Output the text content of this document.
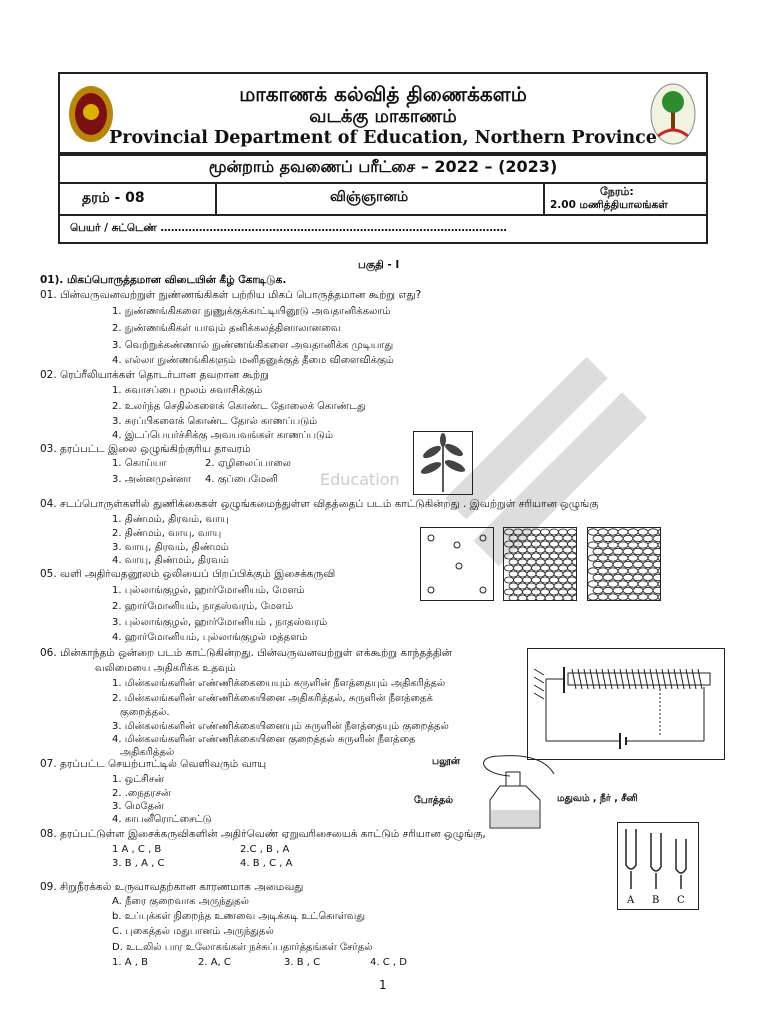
Education
மாகாணக் கல்வித் திணைக்களம்
வடக்கு மாகாணம்
Provincial Department of Education, Northern Province
மூன்றாம் தவணைப் பரீட்சை – 2022 – (2023)
தரம் - 08	விஞ்ஞானம்	நேரம்:
2.00 மணித்தியாலங்கள்
பெயர் / சுட்டெண் ………………………………………………………………………………………
பகுதி - I
01). மிகப்பொருத்தமான விடையின் கீழ் கோடிடுக.
01. பின்வருவனவற்றுள் நுண்ணங்கிகள் பற்றிய மிகப் பொருத்தமான கூற்று எது?
1. நுண்ணங்கிகளை நுணுக்குக்காட்டியினூடு அவதானிக்கலாம்
2. நுண்ணங்கிகள் யாவும் தனிக்கலத்தினாலானவை
3. வெற்றுக்கண்ணால் நுண்ணங்கிகளை அவதானிக்க முடியாது
4. எல்லா நுண்ணங்கிகளும் மனிதனுக்குத் தீமை விளைவிக்கும்
02. ரெப்ரீலியாக்கள் தொடர்பான தவறான கூற்று
1. சுவாசப்பை மூலம் சுவாசிக்கும்
2. உலர்ந்த செதில்களைக் கொண்ட தோலைக் கொண்டது
3. சுரப்பிகளைக் கொண்ட தோல் காணப்படும்
4. இடப்பெயர்ச்சிக்கு அவயவங்கள் காணப்படும்
03. தரப்பட்ட இலை ஒழுங்கிற்குரிய தாவரம்
1. கொய்யா	2. ஏழிலைப்பாலை
3. அன்னமுன்னா 4. குப்பைமேனி
04. சடப்பொருள்களில் துணிக்கைகள் ஒழுங்கமைந்துள்ள விதத்தைப் படம் காட்டுகின்றது . இவற்றுள் சரியான ஒழுங்கு
1. திண்மம், திரவம், வாயு
2. திண்மம், வாயு, வாயு
3. வாயு, திரவம், திண்மம்
4. வாயு, திண்மம், திரவம்
05. வளி அதிர்வதனூலம் ஒலியைப் பிறப்பிக்கும் இசைக்கருவி
1. புல்லாங்குழல், ஹார்மோனியம், மேளம்
2. ஹார்மோனியம், நாதஸ்வரம், மேளம்
3. புல்லாங்குழல், ஹார்மோனியம் , நாதஸ்வரம்
4. ஹார்மோனியம், புல்லாங்குழல் மத்தளம்
06. மின்காந்தம் ஒன்றை படம் காட்டுகின்றது. பின்வருவனவற்றுள் எக்கூற்று காந்தத்தின்
வலிமையை அதிகரிக்க உதவும்
1. மின்கலங்களின் எண்ணிக்கையையும் சுருளின் நீளத்தையும் அதிகரித்தல்
2. மின்கலங்களின் எண்ணிக்கையினை அதிகரித்தல், சுருளின் நீளத்தைக்
குறைத்தல்.
3. மின்கலங்களின் எண்ணிக்கையினையும் சுருளின் நீளத்தையும் குறைத்தல்
4. மின்கலங்களின் எண்ணிக்கையினை குறைத்தல் சுருளின் நீளத்தை
அதிகரித்தல்
07. தரப்பட்ட செயற்பாட்டில் வெளிவரும் வாயு
1. ஒட்சிசன்
2. .நைதரசன்
3. மெதேன்
4. காபனீரொட்சைட்டு
பலூன்
போத்தல்	மதுவம் , நீர் , சீனி
08. தரப்பட்டுள்ள இசைக்கருவிகளின் அதிர்வெண் ஏறுவரிசையைக் காட்டும் சரியான ஒழுங்கு,
1 A , C , B	2.C , B , A
3. B , A , C	4. B , C , A
A B C
09. சிறுநீரக்கல் உருவாவதற்கான காரணமாக அமைவது
A. நீரை குறைவாக அருந்துதல்
b. உப்புக்கள் நிறைந்த உணவை அடிக்கடி உட்கொள்வது
C. புகைத்தல் மதுபானம் அருந்துதல்
D. உடலில் பார உலோகங்கள் நச்சுப்பதார்த்தங்கள் சேர்தல்
1. A , B	2. A, C	3. B , C	4. C , D
1
